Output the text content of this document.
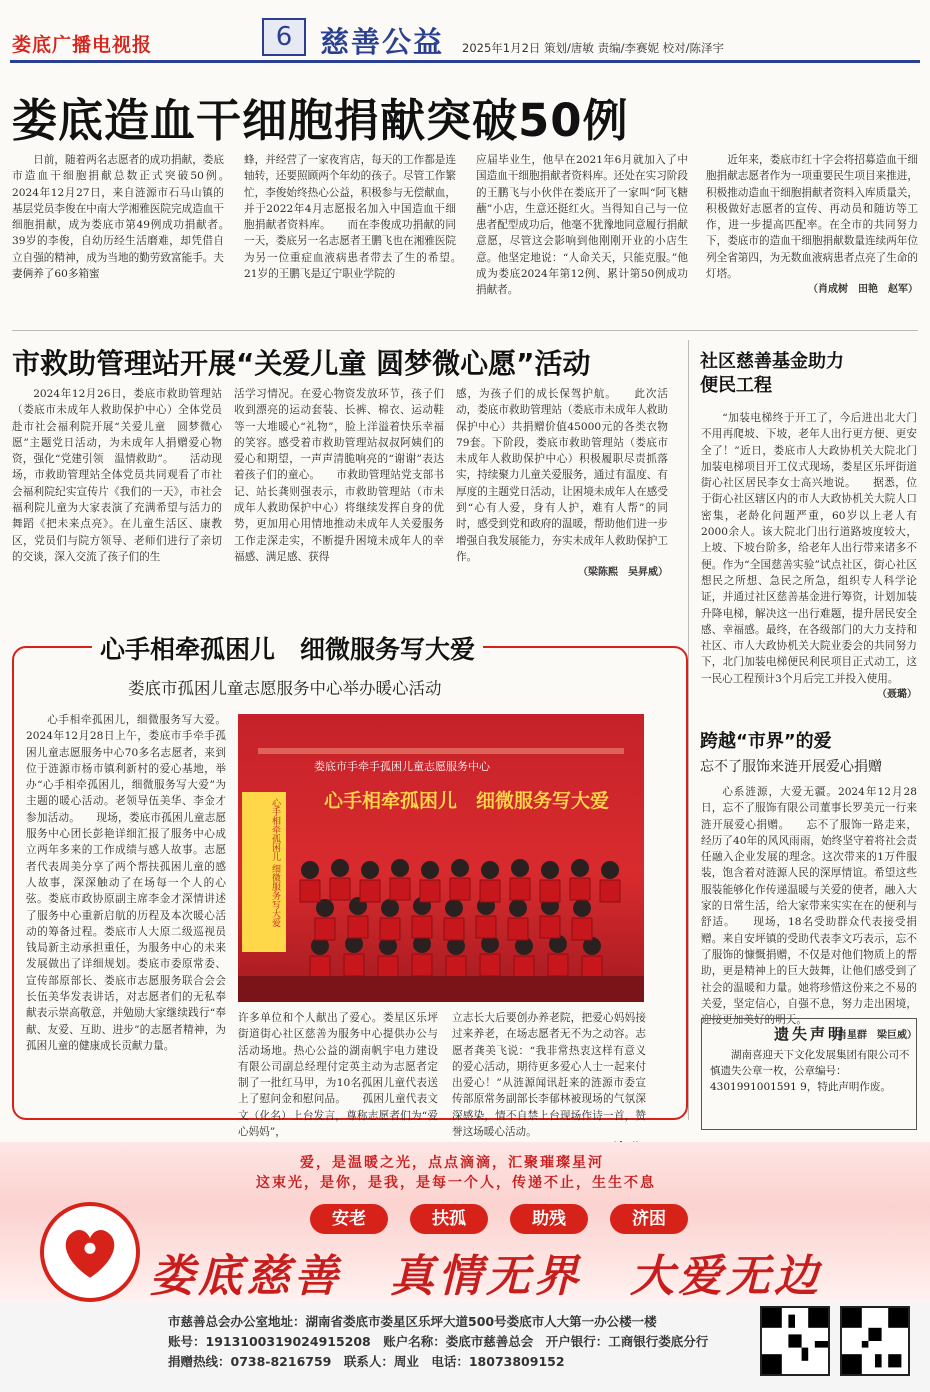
娄底广播电视报	6 慈善公益 2025年1月2日 策划/唐敏 责编/李赛妮 校对/陈泽宇
娄底造血干细胞捐献突破50例

日前，随着两名志愿者的成功捐献，娄底市造血干细胞捐献总数正式突破50例。　　2024年12月27日，来自涟源市石马山镇的基层党员李俊在中南大学湘雅医院完成造血干细胞捐献，成为娄底市第49例成功捐献者。　　39岁的李俊，自幼历经生活磨难，却凭借自立自强的精神，成为当地的勤劳致富能手。夫妻俩养了60多箱蜜

蜂，并经营了一家夜宵店，每天的工作都是连轴转，还要照顾两个年幼的孩子。尽管工作繁忙，李俊始终热心公益，积极参与无偿献血，并于2022年4月志愿报名加入中国造血干细胞捐献者资料库。　　而在李俊成功捐献的同一天，娄底另一名志愿者王鹏飞也在湘雅医院为另一位重症血液病患者带去了生的希望。　　21岁的王鹏飞是辽宁职业学院的

应届毕业生，他早在2021年6月就加入了中国造血干细胞捐献者资料库。还处在实习阶段的王鹏飞与小伙伴在娄底开了一家叫“阿飞糖蘸”小店，生意还挺红火。当得知自己与一位患者配型成功后，他毫不犹豫地同意履行捐献意愿，尽管这会影响到他刚刚开业的小店生意。他坚定地说：“人命关天，只能克服。”他成为娄底2024年第12例、累计第50例成功捐献者。

近年来，娄底市红十字会将招募造血干细胞捐献志愿者作为一项重要民生项目来推进，积极推动造血干细胞捐献者资料入库质量关，积极做好志愿者的宣传、再动员和随访等工作，进一步提高匹配率。在全市的共同努力下，娄底市的造血干细胞捐献数量连续两年位列全省第四，为无数血液病患者点亮了生命的灯塔。

（肖成树　田艳　赵军）
市救助管理站开展“关爱儿童 圆梦微心愿”活动

2024年12月26日，娄底市救助管理站（娄底市未成年人救助保护中心）全体党员赴市社会福利院开展“关爱儿童　圆梦微心愿”主题党日活动，为未成年人捐赠爱心物资，强化“党建引领　温情救助”。　　活动现场，市救助管理站全体党员共同观看了市社会福利院纪实宣传片《我们的一天》，市社会福利院儿童为大家表演了充满希望与活力的舞蹈《把未来点亮》。在儿童生活区、康教区，党员们与院方领导、老师们进行了亲切的交谈，深入交流了孩子们的生

活学习情况。在爱心物资发放环节，孩子们收到漂亮的运动套装、长裤、棉衣、运动鞋等一大堆暖心“礼物”，脸上洋溢着快乐幸福的笑容。感受着市救助管理站叔叔阿姨们的爱心和期望，一声声清脆响亮的“谢谢”表达着孩子们的童心。　　市救助管理站党支部书记、站长龚则强表示，市救助管理站（市未成年人救助保护中心）将继续发挥自身的优势，更加用心用情地推动未成年人关爱服务工作走深走实，不断提升困境未成年人的幸福感、满足感、获得

感，为孩子们的成长保驾护航。　　此次活动，娄底市救助管理站（娄底市未成年人救助保护中心）共捐赠价值45000元的各类衣物79套。下阶段，娄底市救助管理站（娄底市未成年人救助保护中心）积极履职尽责抓落实，持续聚力儿童关爱服务，通过有温度、有厚度的主题党日活动，让困境未成年人在感受到“心有人爱，身有人护，难有人帮”的同时，感受到党和政府的温暖，帮助他们进一步增强自我发展能力，夯实未成年人救助保护工作。

（梁陈熙　吴昇威）
社区慈善基金助力便民工程

“加装电梯终于开工了，今后进出北大门不用再爬坡、下坡，老年人出行更方便、更安全了！”近日，娄底市人大政协机关大院北门加装电梯项目开工仪式现场，娄星区乐坪街道街心社区居民李女士高兴地说。　　据悉，位于街心社区辖区内的市人大政协机关大院人口密集，老龄化问题严重，60岁以上老人有2000余人。该大院北门出行道路坡度较大，上坡、下坡台阶多，给老年人出行带来诸多不便。作为“全国慈善实验”试点社区，街心社区想民之所想、急民之所急，组织专人科学论证，并通过社区慈善基金进行筹资，计划加装升降电梯，解决这一出行难题，提升居民安全感、幸福感。最终，在各级部门的大力支持和社区、市人大政协机关大院业委会的共同努力下，北门加装电梯便民利民项目正式动工，这一民心工程预计3个月后完工并投入使用。

（聂璐）
跨越“市界”的爱
忘不了服饰来涟开展爱心捐赠

心系涟源，大爱无疆。2024年12月28日，忘不了服饰有限公司董事长罗美元一行来涟开展爱心捐赠。　　忘不了服饰一路走来，经历了40年的风风雨雨，始终坚守着将社会责任融入企业发展的理念。这次带来的1万件服装，饱含着对涟源人民的深厚情谊。希望这些服装能够化作传递温暖与关爱的使者，融入大家的日常生活，给大家带来实实在在的便利与舒适。　　现场，18名受助群众代表接受捐赠。来自安坪镇的受助代表李文巧表示，忘不了服饰的慷慨捐赠，不仅是对他们物质上的帮助，更是精神上的巨大鼓舞，让他们感受到了社会的温暖和力量。她将珍惜这份来之不易的关爱，坚定信心，自强不息，努力走出困境，迎接更加美好的明天。

（肖星群　梁巨威）
遗失声明
湖南喜迎天下文化发展集团有限公司不慎遗失公章一枚，公章编号：4301991001591 9，特此声明作废。
心手相牵孤困儿　细微服务写大爱
娄底市孤困儿童志愿服务中心举办暖心活动

心手相牵孤困儿，细微服务写大爱。2024年12月28日上午，娄底市手牵手孤困儿童志愿服务中心70多名志愿者，来到位于涟源市杨市镇利新村的爱心基地，举办“心手相牵孤困儿，细微服务写大爱”为主题的暖心活动。老领导伍美华、李金才参加活动。　　现场，娄底市孤困儿童志愿服务中心团长彭艳详细汇报了服务中心成立两年多来的工作成绩与感人故事。志愿者代表周美分享了两个帮扶孤困儿童的感人故事，深深触动了在场每一个人的心弦。娄底市政协原副主席李金才深情讲述了服务中心重新启航的历程及本次暖心活动的筹备过程。娄底市人大原二级巡视员钱局新主动承担重任，为服务中心的未来发展做出了详细规划。娄底市委原常委、宣传部原部长、娄底市志愿服务联合会会长伍美华发表讲话，对志愿者们的无私奉献表示崇高敬意，并勉励大家继续践行“奉献、友爱、互助、进步”的志愿者精神，为孤困儿童的健康成长贡献力量。

娄底市手牵手孤困儿童志愿服务中心
心手相牵孤困儿　细微服务写大爱
心手相牵孤困儿 细微服务写大爱

许多单位和个人献出了爱心。娄星区乐坪街道街心社区慈善为服务中心提供办公与活动场地。热心公益的湖南帆宇电力建设有限公司副总经理付定英主动为志愿者定制了一批红马甲，为10名孤困儿童代表送上了慰问金和慰问品。　　孤困儿童代表文文（化名）上台发言，尊称志愿者们为“爱心妈妈”，

立志长大后要创办养老院，把爱心妈妈接过来养老，在场志愿者无不为之动容。志愿者龚美飞说：“我非常热衷这样有意义的爱心活动，期待更多爱心人士一起来付出爱心！”从涟源闻讯赶来的涟源市委宣传部原常务副部长李郁林被现场的气氛深深感染，情不自禁上台现场作诗一首，赞誉这场暖心活动。

爱，是温暖之光，点点滴滴，汇聚璀璨星河
这束光，是你，是我，是每一个人，传递不止，生生不息
安老	扶孤	助残	济困
娄底慈善　真情无界　大爱无边
市慈善总会办公室地址：湖南省娄底市娄星区乐坪大道500号娄底市人大第一办公楼一楼
账号：1913100319024915208　账户名称：娄底市慈善总会　开户银行：工商银行娄底分行
捐赠热线：0738-8216759　联系人：周业　电话：18073809152
